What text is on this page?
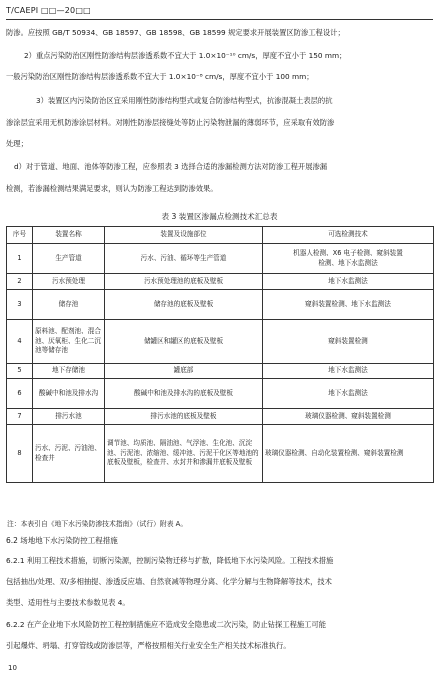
T/CAEPI □□—20□□
防渗。应按照 GB/T 50934、GB 18597、GB 18598、GB 18599 规定要求开展装置区防渗工程设计；
2）重点污染防治区刚性防渗结构层渗透系数不宜大于 1.0×10⁻¹⁰ cm/s，厚度不宜小于 150 mm；
一般污染防治区刚性防渗结构层渗透系数不宜大于 1.0×10⁻⁸ cm/s，厚度不宜小于 100 mm；
3）装置区内污染防治区宜采用刚性防渗结构型式或复合防渗结构型式，抗渗混凝土表层的抗
渗涂层宜采用无机防渗涂层材料。对刚性防渗层接缝处等防止污染物泄漏的薄弱环节，应采取有效防渗
处理；
d）对于管道、地面、池体等防渗工程，应参照表 3 选择合适的渗漏检测方法对防渗工程开展渗漏
检测，若渗漏检测结果满足要求，则认为防渗工程达到防渗效果。
表 3 装置区渗漏点检测技术汇总表
序号	装置名称	装置及设施部位	可选检测技术
1	生产管道	污水、污油、循环等生产管道	机器人检测、X6 电子检测、窥斜装置
检测、地下水监测法

2	污水预处理	污水预处理池的底板及壁板	地下水监测法

3	储存池	储存池的底板及壁板	窥斜装置检测、地下水监测法

4	原料池、配剂池、混合池、厌氧柜、生化二沉池等储存池	储罐区和罐区的底板及壁板	窥斜装置检测

5	地下存储池	罐底部	地下水监测法

6	酸碱中和池及排水沟	酸碱中和池及排水沟的底板及壁板	地下水监测法

7	排污水池	排污水池的底板及壁板	玻璃仪器检测、窥斜装置检测

8	污水、污泥、污油池、检查井	调节池、均质池、隔油池、气浮池、生化池、沉淀池、污泥池、浓缩池、缓冲池、污泥干化区等地池的底板及壁板，检查井、水封井和渗漏井底板及壁板	玻璃仪器检测、自动化装置检测、窥斜装置检测
注：本表引自《地下水污染防渗技术指南》（试行）附表 A。
6.2 场地地下水污染防控工程措施
6.2.1 利用工程技术措施，切断污染源，控制污染物迁移与扩散，降低地下水污染风险。工程技术措施
包括抽出/处理、双/多相抽提、渗透反应墙、自然衰减等物理分离、化学分解与生物降解等技术，技术
类型、适用性与主要技术参数见表 4。
6.2.2 在产企业地下水风险防控工程控制措施应不造成安全隐患或二次污染，防止钻探工程施工可能
引起爆炸、坍塌、打穿管线或防渗层等，严格按照相关行业安全生产相关技术标准执行。
10
